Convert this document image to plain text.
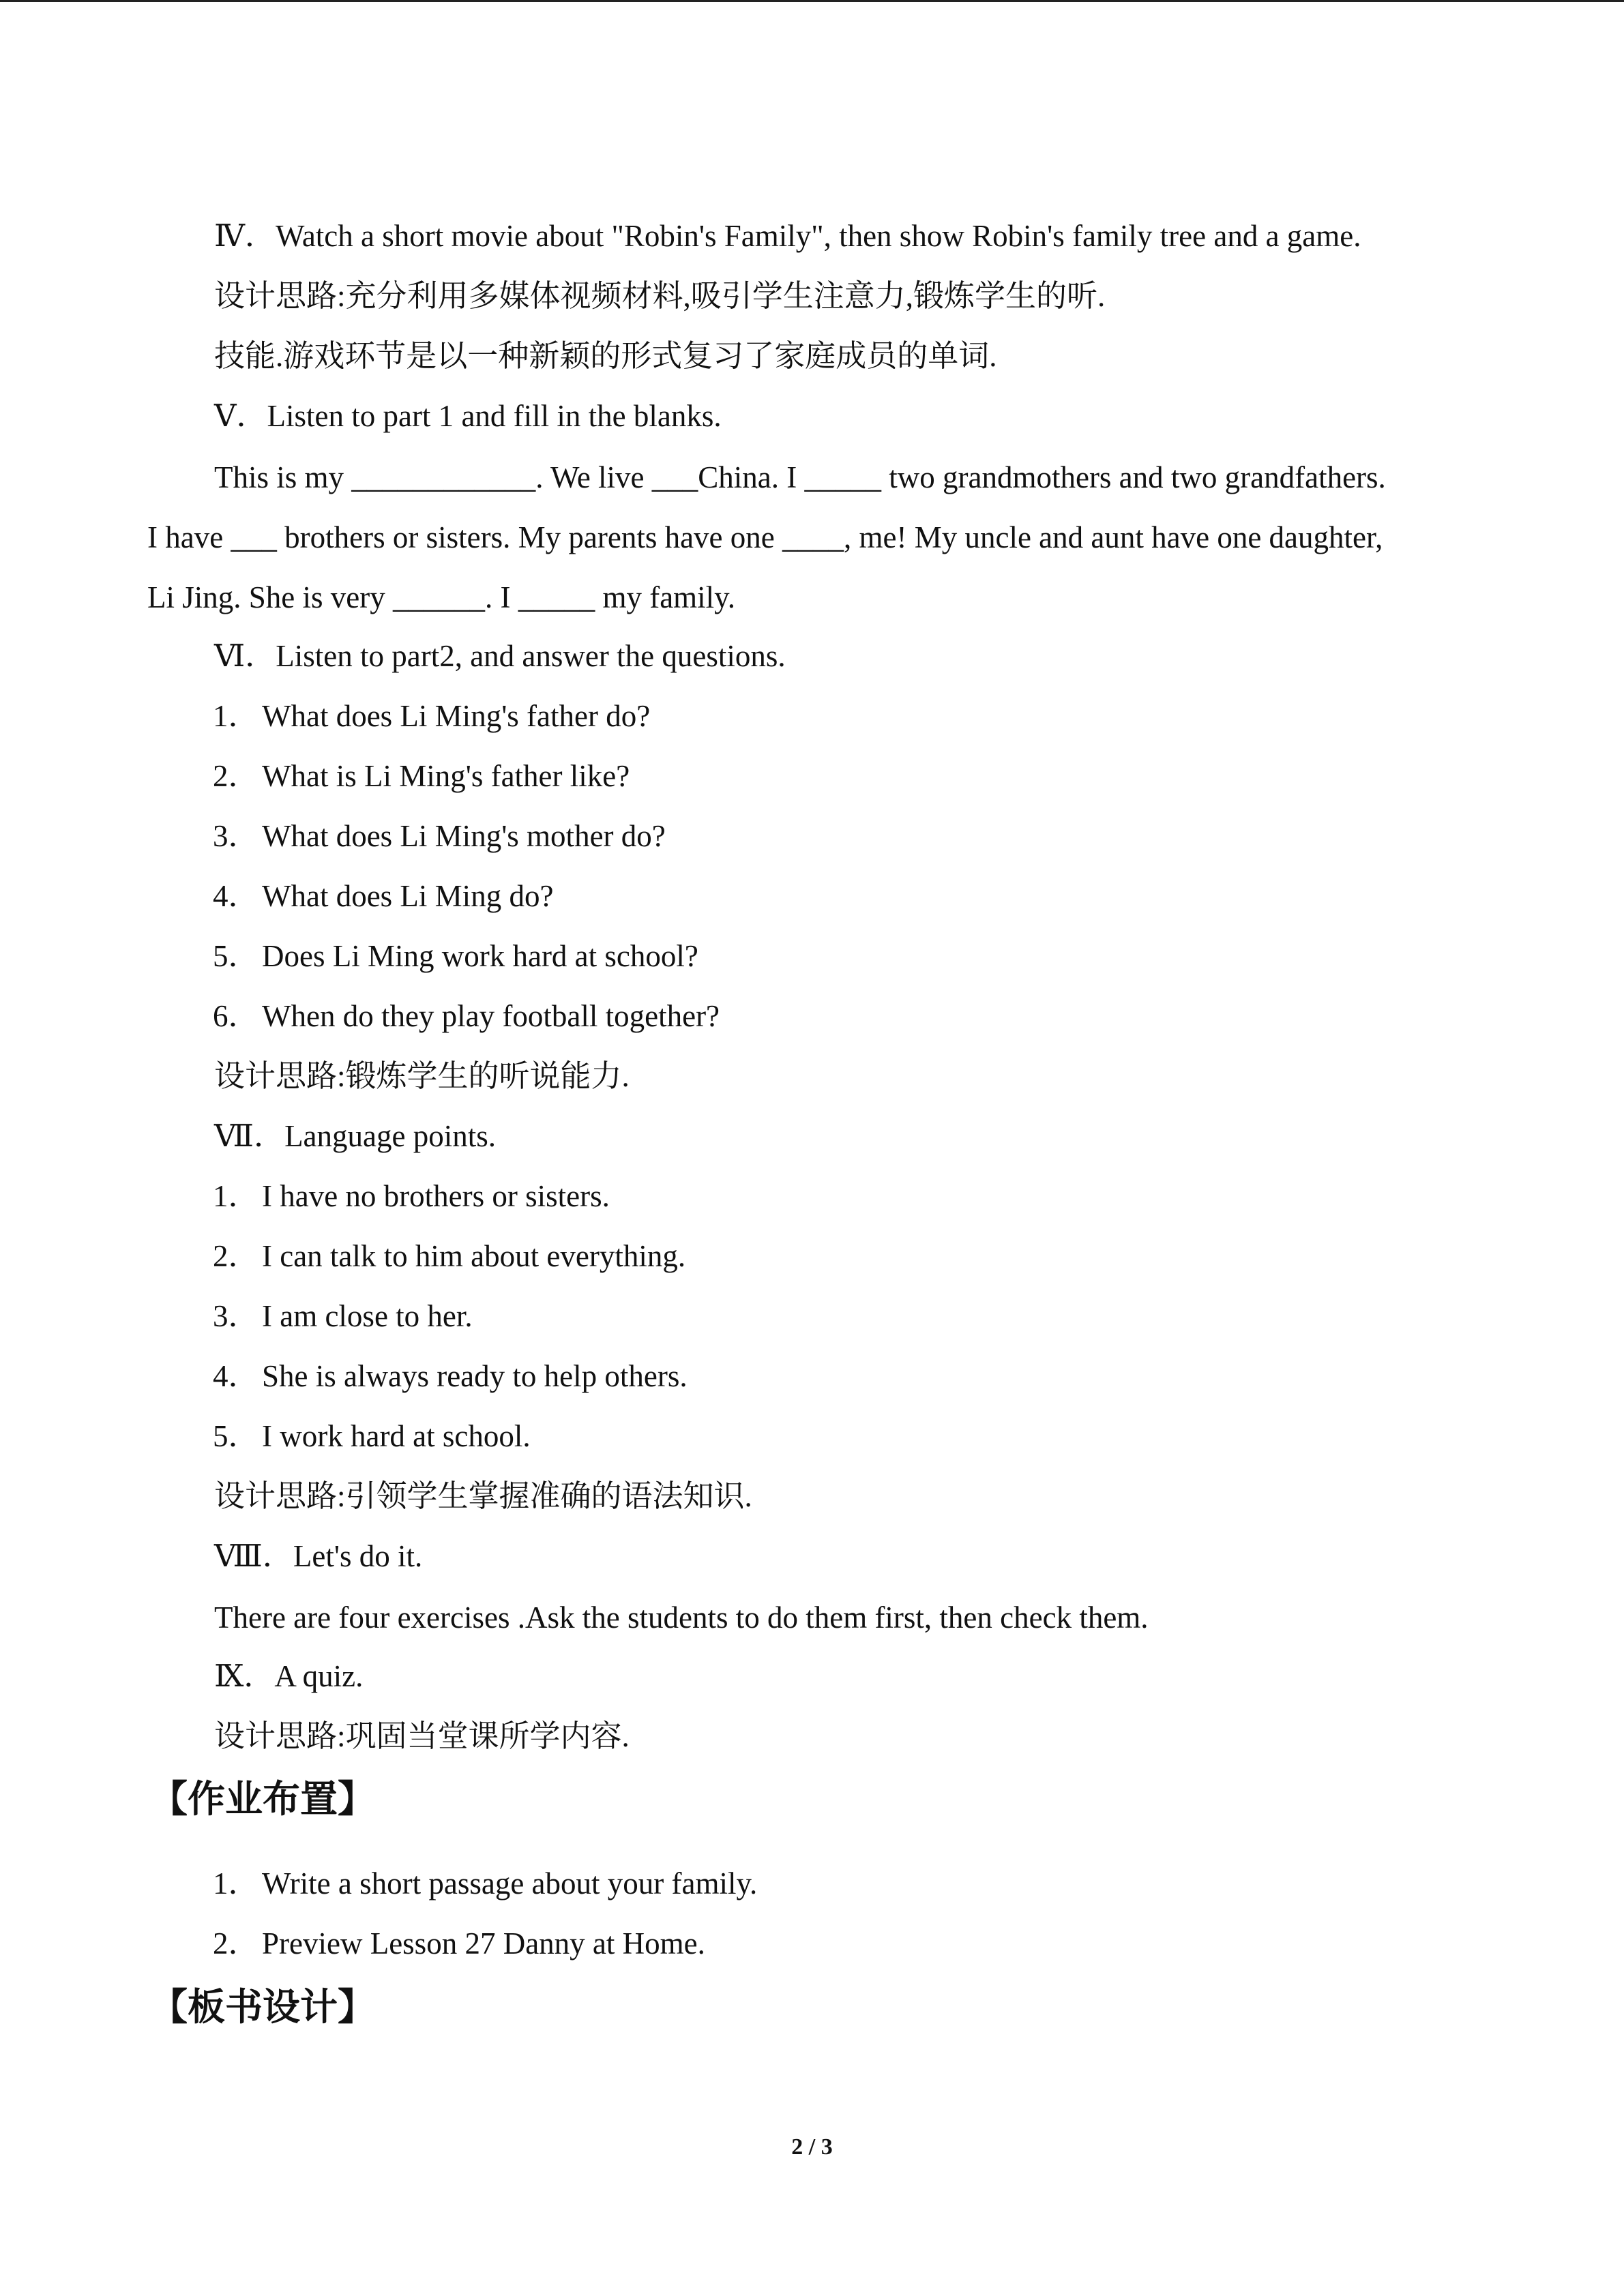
Ⅳ．Watch a short movie about "Robin's Family", then show Robin's family tree and a game.
设计思路:充分利用多媒体视频材料,吸引学生注意力,锻炼学生的听.
技能.游戏环节是以一种新颖的形式复习了家庭成员的单词.
Ⅴ．Listen to part 1 and fill in the blanks.
This is my ____________. We live ___China. I _____ two grandmothers and two grandfathers.
I have ___ brothers or sisters. My parents have one ____, me! My uncle and aunt have one daughter,
Li Jing. She is very ______. I _____ my family.
Ⅵ．Listen to part2, and answer the questions.
1．What does Li Ming's father do?
2．What is Li Ming's father like?
3．What does Li Ming's mother do?
4．What does Li Ming do?
5．Does Li Ming work hard at school?
6．When do they play football together?
设计思路:锻炼学生的听说能力.
Ⅶ．Language points.
1．I have no brothers or sisters.
2．I can talk to him about everything.
3．I am close to her.
4．She is always ready to help others.
5．I work hard at school.
设计思路:引领学生掌握准确的语法知识.
Ⅷ．Let's do it.
There are four exercises .Ask the students to do them first, then check them.
Ⅸ．A quiz.
设计思路:巩固当堂课所学内容.
【作业布置】
1．Write a short passage about your family.
2．Preview Lesson 27 Danny at Home.
【板书设计】
2 / 3
